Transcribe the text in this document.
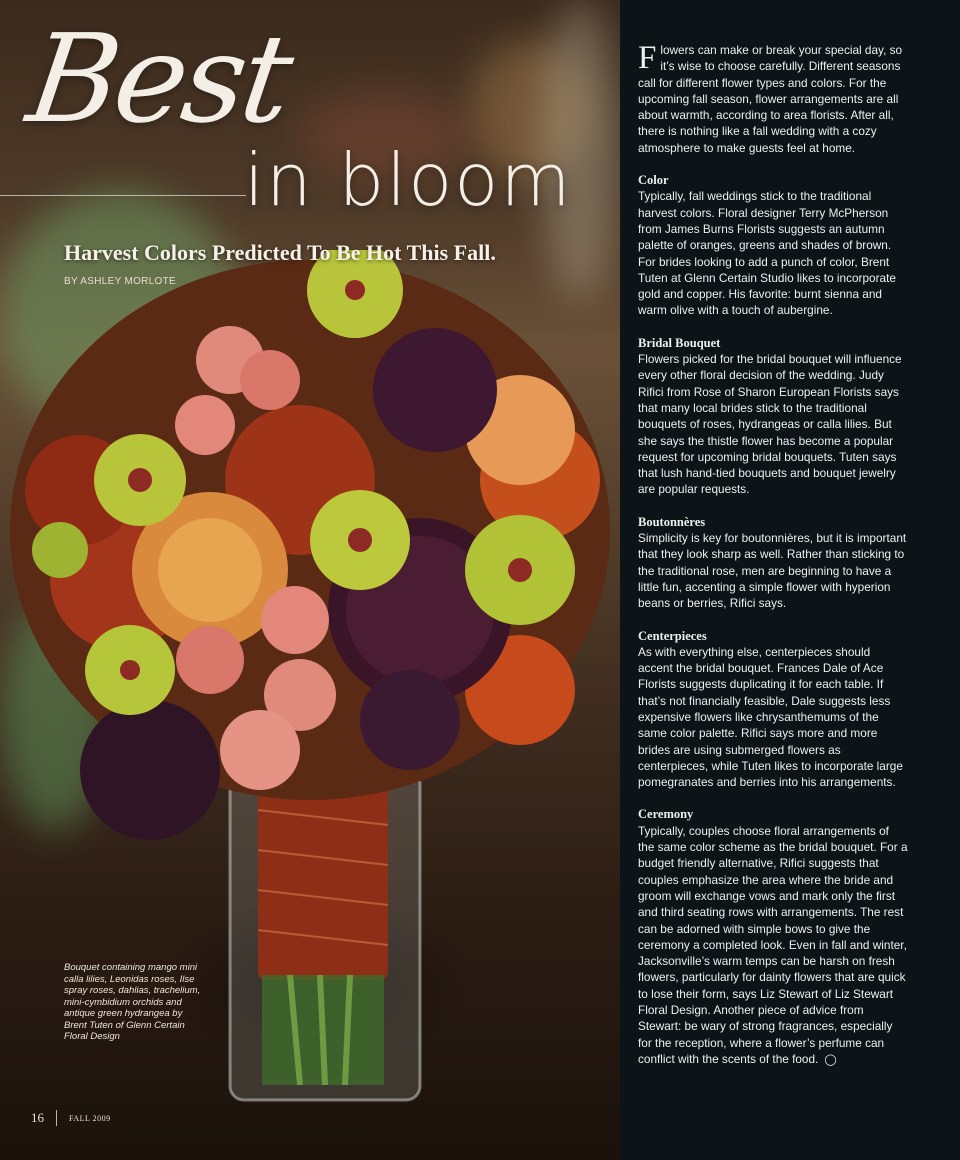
Best
in bloom
Harvest Colors Predicted To Be Hot This Fall.
BY ASHLEY MORLOTE
Bouquet containing mango mini calla lilies, Leonidas roses, Ilse spray roses, dahlias, trachelium, mini-cymbidium orchids and antique green hydrangea by Brent Tuten of Glenn Certain Floral Design
16	FALL 2009

Flowers can make or break your special day, so it’s wise to choose carefully. Different seasons call for different flower types and colors. For the upcoming fall season, flower arrangements are all about warmth, according to area florists. After all, there is nothing like a fall wedding with a cozy atmosphere to make guests feel at home.

Color

Typically, fall weddings stick to the traditional harvest colors. Floral designer Terry McPherson from James Burns Florists suggests an autumn palette of oranges, greens and shades of brown. For brides looking to add a punch of color, Brent Tuten at Glenn Certain Studio likes to incorporate gold and copper. His favorite: burnt sienna and warm olive with a touch of aubergine.

Bridal Bouquet

Flowers picked for the bridal bouquet will influence every other floral decision of the wedding. Judy Rifici from Rose of Sharon European Florists says that many local brides stick to the traditional bouquets of roses, hydrangeas or calla lilies. But she says the thistle flower has become a popular request for upcoming bridal bouquets. Tuten says that lush hand-tied bouquets and bouquet jewelry are popular requests.

Boutonnères

Simplicity is key for boutonnières, but it is important that they look sharp as well. Rather than sticking to the traditional rose, men are beginning to have a little fun, accenting a simple flower with hyperion beans or berries, Rifici says.

Centerpieces

As with everything else, centerpieces should accent the bridal bouquet. Frances Dale of Ace Florists suggests duplicating it for each table. If that’s not financially feasible, Dale suggests less expensive flowers like chrysanthemums of the same color palette. Rifici says more and more brides are using submerged flowers as centerpieces, while Tuten likes to incorporate large pomegranates and berries into his arrangements.

Ceremony

Typically, couples choose floral arrangements of the same color scheme as the bridal bouquet. For a budget friendly alternative, Rifici suggests that couples emphasize the area where the bride and groom will exchange vows and mark only the first and third seating rows with arrangements. The rest can be adorned with simple bows to give the ceremony a completed look. Even in fall and winter, Jacksonville’s warm temps can be harsh on fresh flowers, particularly for dainty flowers that are quick to lose their form, says Liz Stewart of Liz Stewart Floral Design. Another piece of advice from Stewart: be wary of strong fragrances, especially for the reception, where a flower’s perfume can conflict with the scents of the food. ◯
